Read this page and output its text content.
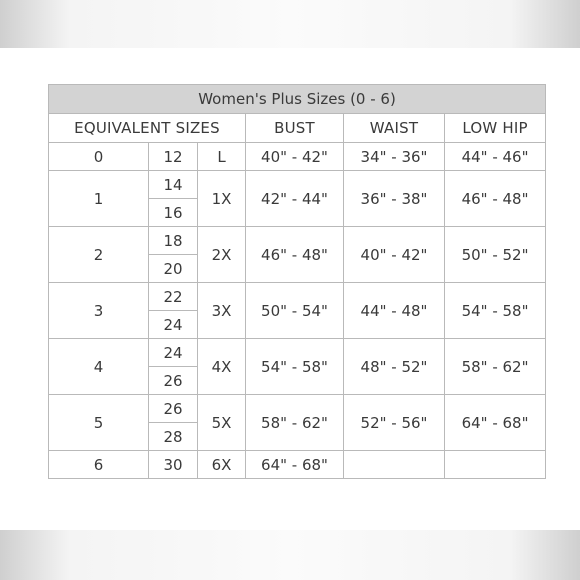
Women's Plus Sizes (0 - 6)					
EQUIVALENT SIZES			BUST	WAIST	LOW HIP
0	12	L	40" - 42"	34" - 36"	44" - 46"
1	14	1X	42" - 44"	36" - 38"	46" - 48"
	16				
2	18	2X	46" - 48"	40" - 42"	50" - 52"
	20				
3	22	3X	50" - 54"	44" - 48"	54" - 58"
	24				
4	24	4X	54" - 58"	48" - 52"	58" - 62"
	26				
5	26	5X	58" - 62"	52" - 56"	64" - 68"
	28				
6	30	6X	64" - 68"		
